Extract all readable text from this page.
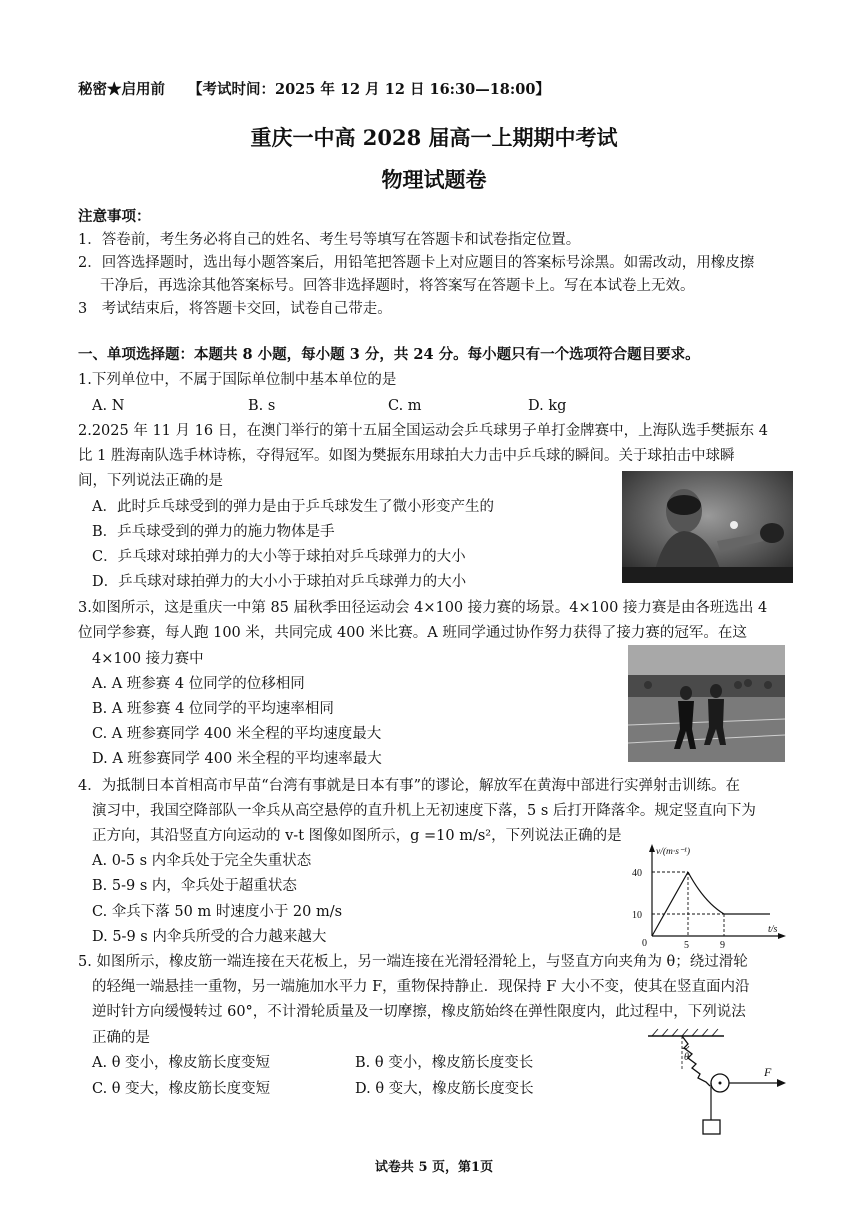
秘密★启用前 【考试时间：2025 年 12 月 12 日 16:30—18:00】
重庆一中高 2028 届高一上期期中考试
物理试题卷
注意事项：
1．答卷前，考生务必将自己的姓名、考生号等填写在答题卡和试卷指定位置。
2．回答选择题时，选出每小题答案后，用铅笔把答题卡上对应题目的答案标号涂黑。如需改动，用橡皮擦
干净后，再选涂其他答案标号。回答非选择题时，将答案写在答题卡上。写在本试卷上无效。
3　考试结束后，将答题卡交回，试卷自己带走。
一、单项选择题：本题共 8 小题，每小题 3 分，共 24 分。每小题只有一个选项符合题目要求。
1.下列单位中，不属于国际单位制中基本单位的是
A. N	B. s	C. m	D. kg
2.2025 年 11 月 16 日，在澳门举行的第十五届全国运动会乒乓球男子单打金牌赛中，上海队选手樊振东 4
比 1 胜海南队选手林诗栋，夺得冠军。如图为樊振东用球拍大力击中乒乓球的瞬间。关于球拍击中球瞬
间，下列说法正确的是
A．此时乒乓球受到的弹力是由于乒乓球发生了微小形变产生的
B．乒乓球受到的弹力的施力物体是手
C．乒乓球对球拍弹力的大小等于球拍对乒乓球弹力的大小
D．乒乓球对球拍弹力的大小小于球拍对乒乓球弹力的大小
3.如图所示，这是重庆一中第 85 届秋季田径运动会 4×100 接力赛的场景。4×100 接力赛是由各班选出 4
位同学参赛，每人跑 100 米，共同完成 400 米比赛。A 班同学通过协作努力获得了接力赛的冠军。在这
4×100 接力赛中
A. A 班参赛 4 位同学的位移相同
B. A 班参赛 4 位同学的平均速率相同
C. A 班参赛同学 400 米全程的平均速度最大
D. A 班参赛同学 400 米全程的平均速率最大
4．为抵制日本首相高市早苗“台湾有事就是日本有事”的谬论，解放军在黄海中部进行实弹射击训练。在
演习中，我国空降部队一伞兵从高空悬停的直升机上无初速度下落，5 s 后打开降落伞。规定竖直向下为
正方向，其沿竖直方向运动的 v-t 图像如图所示，g =10 m/s²，下列说法正确的是
A. 0-5 s 内伞兵处于完全失重状态
B. 5-9 s 内，伞兵处于超重状态
C. 伞兵下落 50 m 时速度小于 20 m/s
D. 5-9 s 内伞兵所受的合力越来越大
v/(m·s⁻¹)
t/s
0
40
10
5	9
5. 如图所示，橡皮筋一端连接在天花板上，另一端连接在光滑轻滑轮上，与竖直方向夹角为 θ；绕过滑轮
的轻绳一端悬挂一重物，另一端施加水平力 F，重物保持静止．现保持 F 大小不变，使其在竖直面内沿
逆时针方向缓慢转过 60°，不计滑轮质量及一切摩擦，橡皮筋始终在弹性限度内，此过程中，下列说法
正确的是
A. θ 变小，橡皮筋长度变短	B. θ 变小，橡皮筋长度变长
C. θ 变大，橡皮筋长度变短	D. θ 变大，橡皮筋长度变长
θ
F
试卷共 5 页，第1页
